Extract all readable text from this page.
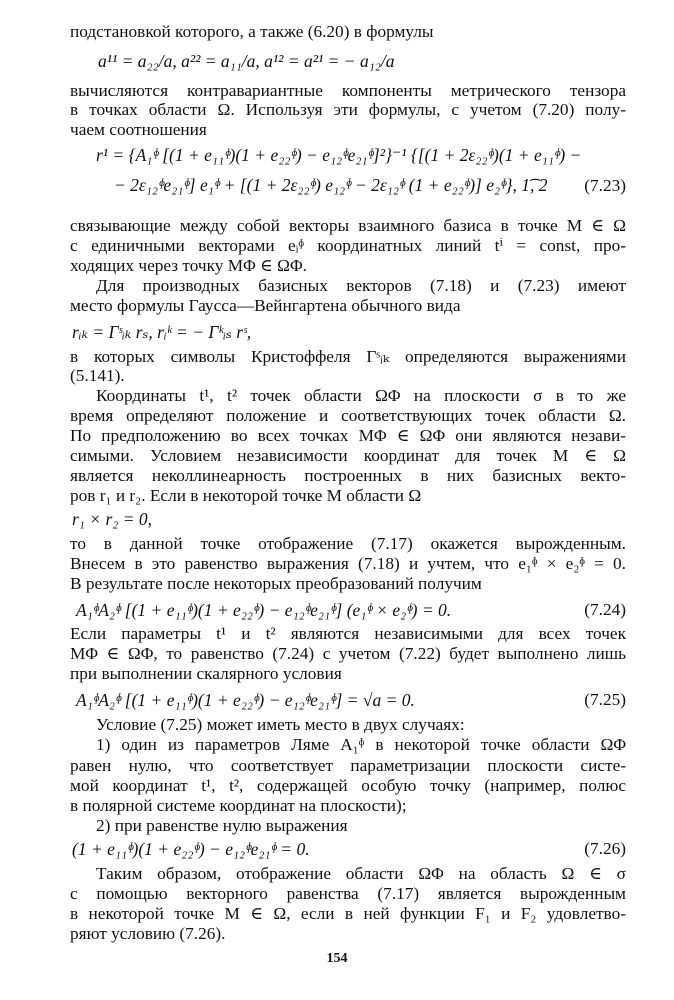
подстановкой которого, а также (6.20) в формулы
a¹¹ = a₂₂/a, a²² = a₁₁/a, a¹² = a²¹ = − a₁₂/a
вычисляются контравариантные компоненты метрического тензора
в точках области Ω. Используя эти формулы, с учетом (7.20) полу-
чаем соотношения
r¹ = {A₁ᶲ [(1 + e₁₁ᶲ)(1 + e₂₂ᶲ) − e₁₂ᶲe₂₁ᶲ]²}⁻¹ {[(1 + 2ε₂₂ᶲ)(1 + e₁₁ᶲ) −
− 2ε₁₂ᶲe₂₁ᶲ] e₁ᶲ + [(1 + 2ε₂₂ᶲ) e₁₂ᶲ − 2ε₁₂ᶲ (1 + e₂₂ᶲ)] e₂ᶲ}, 1͡, 2 (7.23)
связывающие между собой векторы взаимного базиса в точке M ∈ Ω
с единичными векторами eᵢᶲ координатных линий tⁱ = const, про-
ходящих через точку MΦ ∈ ΩΦ.
Для производных базисных векторов (7.18) и (7.23) имеют
место формулы Гаусса—Вейнгартена обычного вида
rᵢₖ = Γˢᵢₖ rₛ, rᵢᵏ = − Γᵏᵢₛ rˢ,
в которых символы Кристоффеля Γˢᵢₖ определяются выражениями
(5.141).
Координаты t¹, t² точек области ΩΦ на плоскости σ в то же
время определяют положение и соответствующих точек области Ω.
По предположению во всех точках MΦ ∈ ΩΦ они являются незави-
симыми. Условием независимости координат для точек M ∈ Ω
является неколлинеарность построенных в них базисных векто-
ров r₁ и r₂. Если в некоторой точке M области Ω
r₁ × r₂ = 0,
то в данной точке отображение (7.17) окажется вырожденным.
Внесем в это равенство выражения (7.18) и учтем, что e₁ᶲ × e₂ᶲ = 0.
В результате после некоторых преобразований получим
A₁ᶲA₂ᶲ [(1 + e₁₁ᶲ)(1 + e₂₂ᶲ) − e₁₂ᶲe₂₁ᶲ] (e₁ᶲ × e₂ᶲ) = 0.	(7.24)
Если параметры t¹ и t² являются независимыми для всех точек
MΦ ∈ ΩΦ, то равенство (7.24) с учетом (7.22) будет выполнено лишь
при выполнении скалярного условия
A₁ᶲA₂ᶲ [(1 + e₁₁ᶲ)(1 + e₂₂ᶲ) − e₁₂ᶲe₂₁ᶲ] = √a = 0.	(7.25)
Условие (7.25) может иметь место в двух случаях:
1) один из параметров Ляме A₁ᶲ в некоторой точке области ΩΦ
равен нулю, что соответствует параметризации плоскости систе-
мой координат t¹, t², содержащей особую точку (например, полюс
в полярной системе координат на плоскости);
2) при равенстве нулю выражения
(1 + e₁₁ᶲ)(1 + e₂₂ᶲ) − e₁₂ᶲe₂₁ᶲ = 0.	(7.26)
Таким образом, отображение области ΩΦ на область Ω ∈ σ
с помощью векторного равенства (7.17) является вырожденным
в некоторой точке M ∈ Ω, если в ней функции F₁ и F₂ удовлетво-
ряют условию (7.26).
154
